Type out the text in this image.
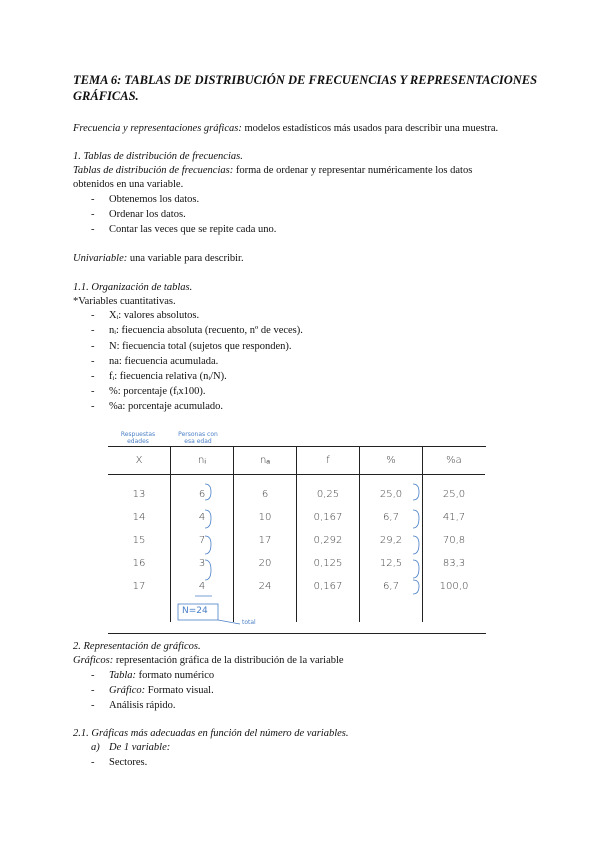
TEMA 6: TABLAS DE DISTRIBUCIÓN DE FRECUENCIAS Y REPRESENTACIONES GRÁFICAS.
Frecuencia y representaciones gráficas: modelos estadísticos más usados para describir una muestra.
1. Tablas de distribución de frecuencias.
Tablas de distribución de frecuencias: forma de ordenar y representar numéricamente los datos
obtenidos en una variable.
- Obtenemos los datos.
- Ordenar los datos.
- Contar las veces que se repite cada uno.
Univariable: una variable para describir.
1.1. Organización de tablas.
*Variables cuantitativas.
- Xᵢ: valores absolutos.
- nᵢ: fiecuencia absoluta (recuento, nº de veces).
- N: fiecuencia total (sujetos que responden).
- na: fiecuencia acumulada.
- fᵢ: fiecuencia relativa (nᵢ/N).
- %: porcentaje (fᵢx100).
- %a: porcentaje acumulado.
Respuestas
edades
Personas con
esa edad
X	nᵢ	nₐ	f	%	%a

13	6	6	0,25	25,0	25,0
14	4	10	0,167	6,7	41,7
15	7	17	0,292	29,2	70,8
16	3	20	0,125	12,5	83,3
17	4	24	0,167	6,7	100,0

N=24
total
2. Representación de gráficos.
Gráficos: representación gráfica de la distribución de la variable
- Tabla: formato numérico
- Gráfico: Formato visual.
- Análisis rápido.
2.1. Gráficas más adecuadas en función del número de variables.
a) De 1 variable:
- Sectores.
